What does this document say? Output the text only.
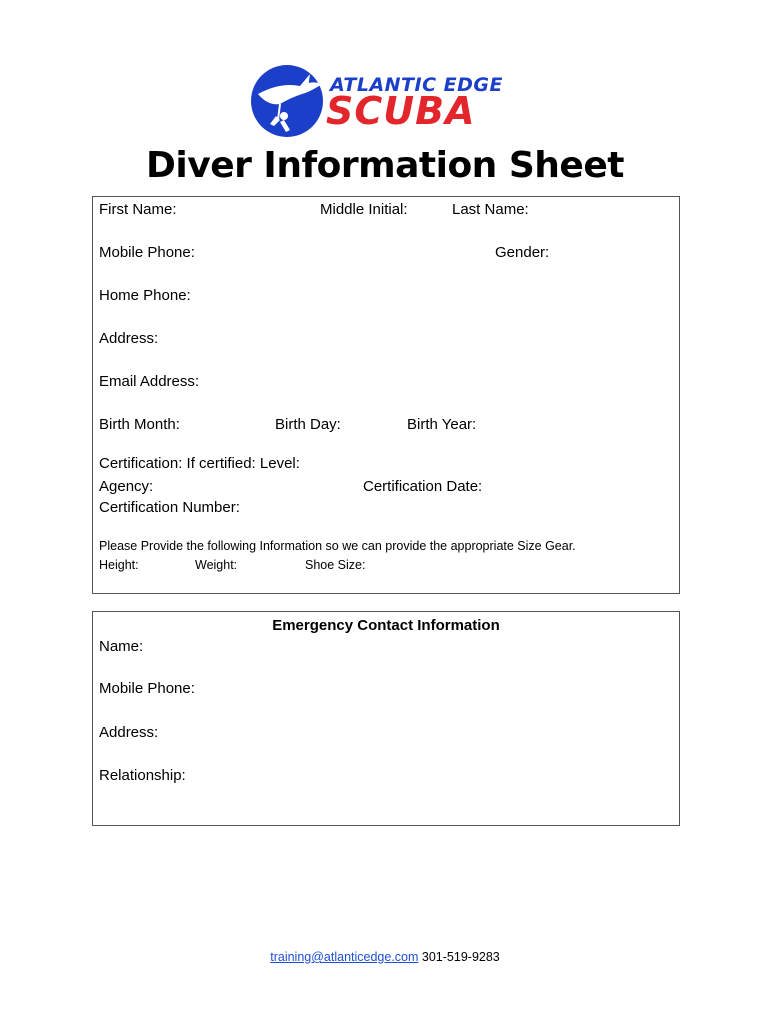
ATLANTIC EDGE
SCUBA
Diver Information Sheet
First Name:	Middle Initial:	Last Name:
Mobile Phone:	Gender:
Home Phone:
Address:
Email Address:
Birth Month:	Birth Day:	Birth Year:
Certification: If certified: Level:
Agency:	Certification Date:
Certification Number:
Please Provide the following Information so we can provide the appropriate Size Gear.
Height:	Weight:	Shoe Size:
Emergency Contact Information
Name:
Mobile Phone:
Address:
Relationship:
training@atlanticedge.com 301-519-9283
